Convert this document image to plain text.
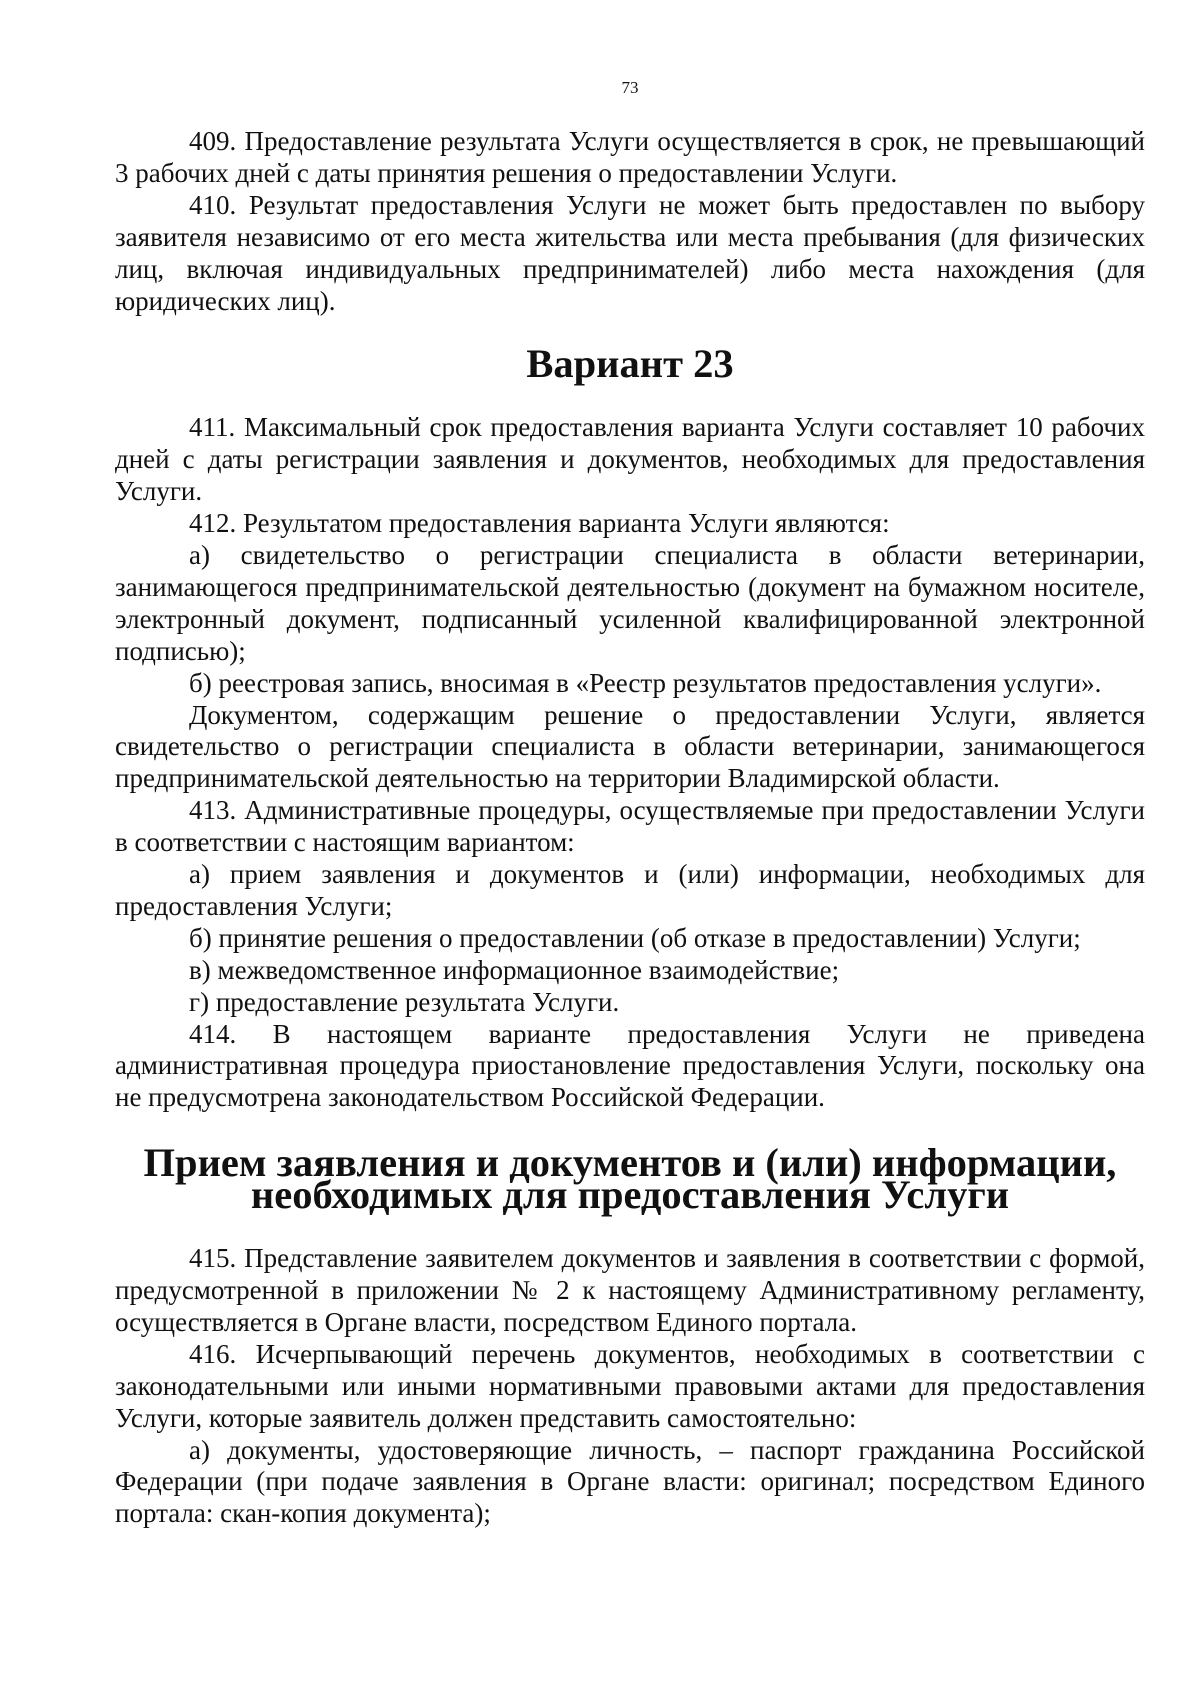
73

409. Предоставление результата Услуги осуществляется в срок, не превышающий 3 рабочих дней с даты принятия решения о предоставлении Услуги.

410. Результат предоставления Услуги не может быть предоставлен по выбору заявителя независимо от его места жительства или места пребывания (для физических лиц, включая индивидуальных предпринимателей) либо места нахождения (для юридических лиц).

Вариант 23

411. Максимальный срок предоставления варианта Услуги составляет 10 рабочих дней с даты регистрации заявления и документов, необходимых для предоставления Услуги.

412. Результатом предоставления варианта Услуги являются:

а) свидетельство о регистрации специалиста в области ветеринарии, занимающегося предпринимательской деятельностью (документ на бумажном носителе, электронный документ, подписанный усиленной квалифицированной электронной подписью);

б) реестровая запись, вносимая в «Реестр результатов предоставления услуги».

Документом, содержащим решение о предоставлении Услуги, является свидетельство о регистрации специалиста в области ветеринарии, занимающегося предпринимательской деятельностью на территории Владимирской области.

413. Административные процедуры, осуществляемые при предоставлении Услуги в соответствии с настоящим вариантом:

а) прием заявления и документов и (или) информации, необходимых для предоставления Услуги;

б) принятие решения о предоставлении (об отказе в предоставлении) Услуги;

в) межведомственное информационное взаимодействие;

г) предоставление результата Услуги.

414. В настоящем варианте предоставления Услуги не приведена административная процедура приостановление предоставления Услуги, поскольку она не предусмотрена законодательством Российской Федерации.

Прием заявления и документов и (или) информации, необходимых для предоставления Услуги

415. Представление заявителем документов и заявления в соответствии с формой, предусмотренной в приложении № 2 к настоящему Административному регламенту, осуществляется в Органе власти, посредством Единого портала.

416. Исчерпывающий перечень документов, необходимых в соответствии с законодательными или иными нормативными правовыми актами для предоставления Услуги, которые заявитель должен представить самостоятельно:

а) документы, удостоверяющие личность, – паспорт гражданина Российской Федерации (при подаче заявления в Органе власти: оригинал; посредством Единого портала: скан-копия документа);
